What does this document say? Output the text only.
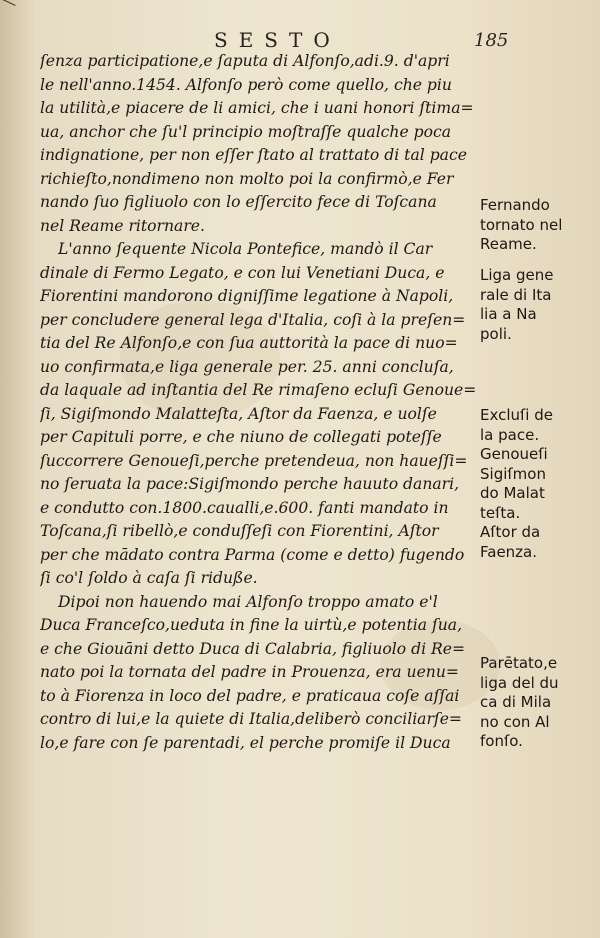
SESTO	185
ſenza participatione,e ſaputa di Alfonſo,adi.9. d'apri
le nell'anno.1454. Alfonſo però come quello, che piu
la utilità,e piacere de li amici, che i uani honori ſtima=
ua, anchor che ſu'l principio moſtraſſe qualche poca
indignatione, per non eſſer ſtato al trattato di tal pace
richieſto,nondimeno non molto poi la confirmò,e Fer
nando ſuo figliuolo con lo eſſercito fece di Toſcana
nel Reame ritornare.
L'anno ſequente Nicola Pontefice, mandò il Car
dinale di Fermo Legato, e con lui Venetiani Duca, e
Fiorentini mandorono digniſſime legatione à Napoli,
per concludere general lega d'Italia, coſi à la preſen=
tia del Re Alfonſo,e con ſua auttorità la pace di nuo=
uo confirmata,e liga generale per. 25. anni concluſa,
da laquale ad inſtantia del Re rimaſeno ecluſi Genoue=
ſi, Sigiſmondo Malatteſta, Aſtor da Faenza, e uolſe
per Capituli porre, e che niuno de collegati poteſſe
ſuccorrere Genoueſi,perche pretendeua, non haueſſi=
no ſeruata la pace:Sigiſmondo perche hauuto danari,
e condutto con.1800.caualli,e.600. fanti mandato in
Toſcana,ſi ribellò,e conduſſeſi con Fiorentini, Aſtor
per che mādato contra Parma (come e detto) fugendo
ſi co'l ſoldo à caſa ſi riduße.
Dipoi non hauendo mai Alfonſo troppo amato e'l
Duca Franceſco,ueduta in fine la uirtù,e potentia ſua,
e che Giouāni detto Duca di Calabria, figliuolo di Re=
nato poi la tornata del padre in Prouenza, era uenu=
to à Fiorenza in loco del padre, e praticaua coſe aſſai
contro di lui,e la quiete di Italia,deliberò conciliarſe=
lo,e fare con ſe parentadi, el perche promiſe il Duca
Fernando
tornato nel
Reame.
Liga gene
rale di Ita
lia a Na
poli.
Excluſi de
la pace.
Genoueſi
Sigiſmon
do Malat
teſta.
Aſtor da
Faenza.
Parētato,e
liga del du
ca di Mila
no con Al
fonſo.
